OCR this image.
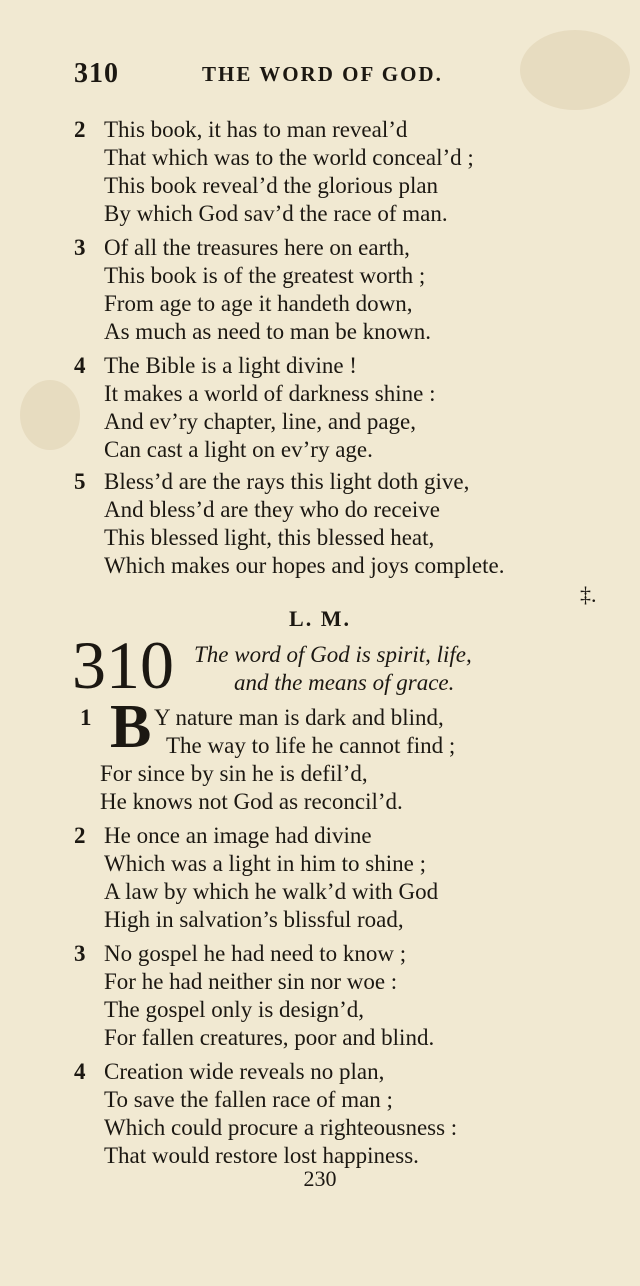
310	THE WORD OF GOD.
2 This book, it has to man reveal’d
That which was to the world conceal’d ;
This book reveal’d the glorious plan
By which God sav’d the race of man.
3 Of all the treasures here on earth,
This book is of the greatest worth ;
From age to age it handeth down,
As much as need to man be known.
4 The Bible is a light divine !
It makes a world of darkness shine :
And ev’ry chapter, line, and page,
Can cast a light on ev’ry age.
5 Bless’d are the rays this light doth give,
And bless’d are they who do receive
This blessed light, this blessed heat,
Which makes our hopes and joys complete.
‡.
L. M.
310 The word of God is spirit, life,
and the means of grace.
1	Y nature man is dark and blind,
The way to life he cannot find ;
For since by sin he is defil’d,
He knows not God as reconcil’d.
B
2 He once an image had divine
Which was a light in him to shine ;
A law by which he walk’d with God
High in salvation’s blissful road,
3 No gospel he had need to know ;
For he had neither sin nor woe :
The gospel only is design’d,
For fallen creatures, poor and blind.
4 Creation wide reveals no plan,
To save the fallen race of man ;
Which could procure a righteousness :
That would restore lost happiness.
230
